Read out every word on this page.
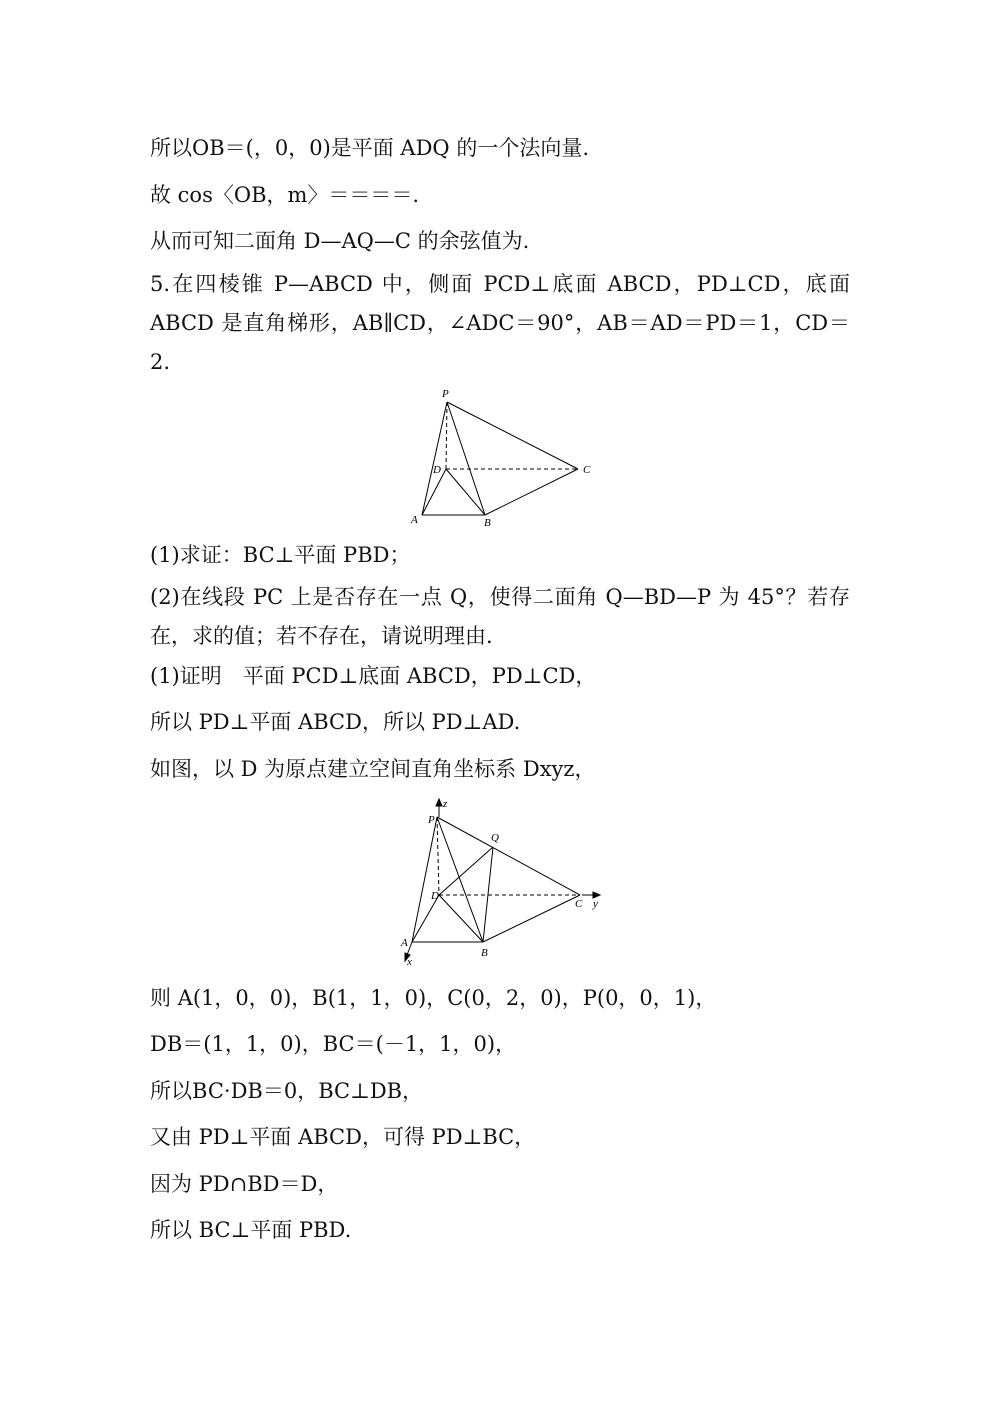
所以OB＝(，0，0)是平面 ADQ 的一个法向量.
故 cos〈OB，m〉＝＝＝＝.
从而可知二面角 D—AQ—C 的余弦值为.
5.在四棱锥 P—ABCD 中，侧面 PCD⊥底面 ABCD，PD⊥CD，底面 ABCD 是直角梯形，AB∥CD，∠ADC＝90°，AB＝AD＝PD＝1，CD＝2.
P
D	C
A	B
(1)求证：BC⊥平面 PBD；
(2)在线段 PC 上是否存在一点 Q，使得二面角 Q—BD—P 为 45°？若存在，求的值；若不存在，请说明理由.
(1)证明　平面 PCD⊥底面 ABCD，PD⊥CD，
所以 PD⊥平面 ABCD，所以 PD⊥AD.
如图，以 D 为原点建立空间直角坐标系 Dxyz，
z
P
Q
D
C y
A
B
x
则 A(1，0，0)，B(1，1，0)，C(0，2，0)，P(0，0，1)，
DB＝(1，1，0)，BC＝(－1，1，0)，
所以BC·DB＝0，BC⊥DB，
又由 PD⊥平面 ABCD，可得 PD⊥BC，
因为 PD∩BD＝D，
所以 BC⊥平面 PBD.
